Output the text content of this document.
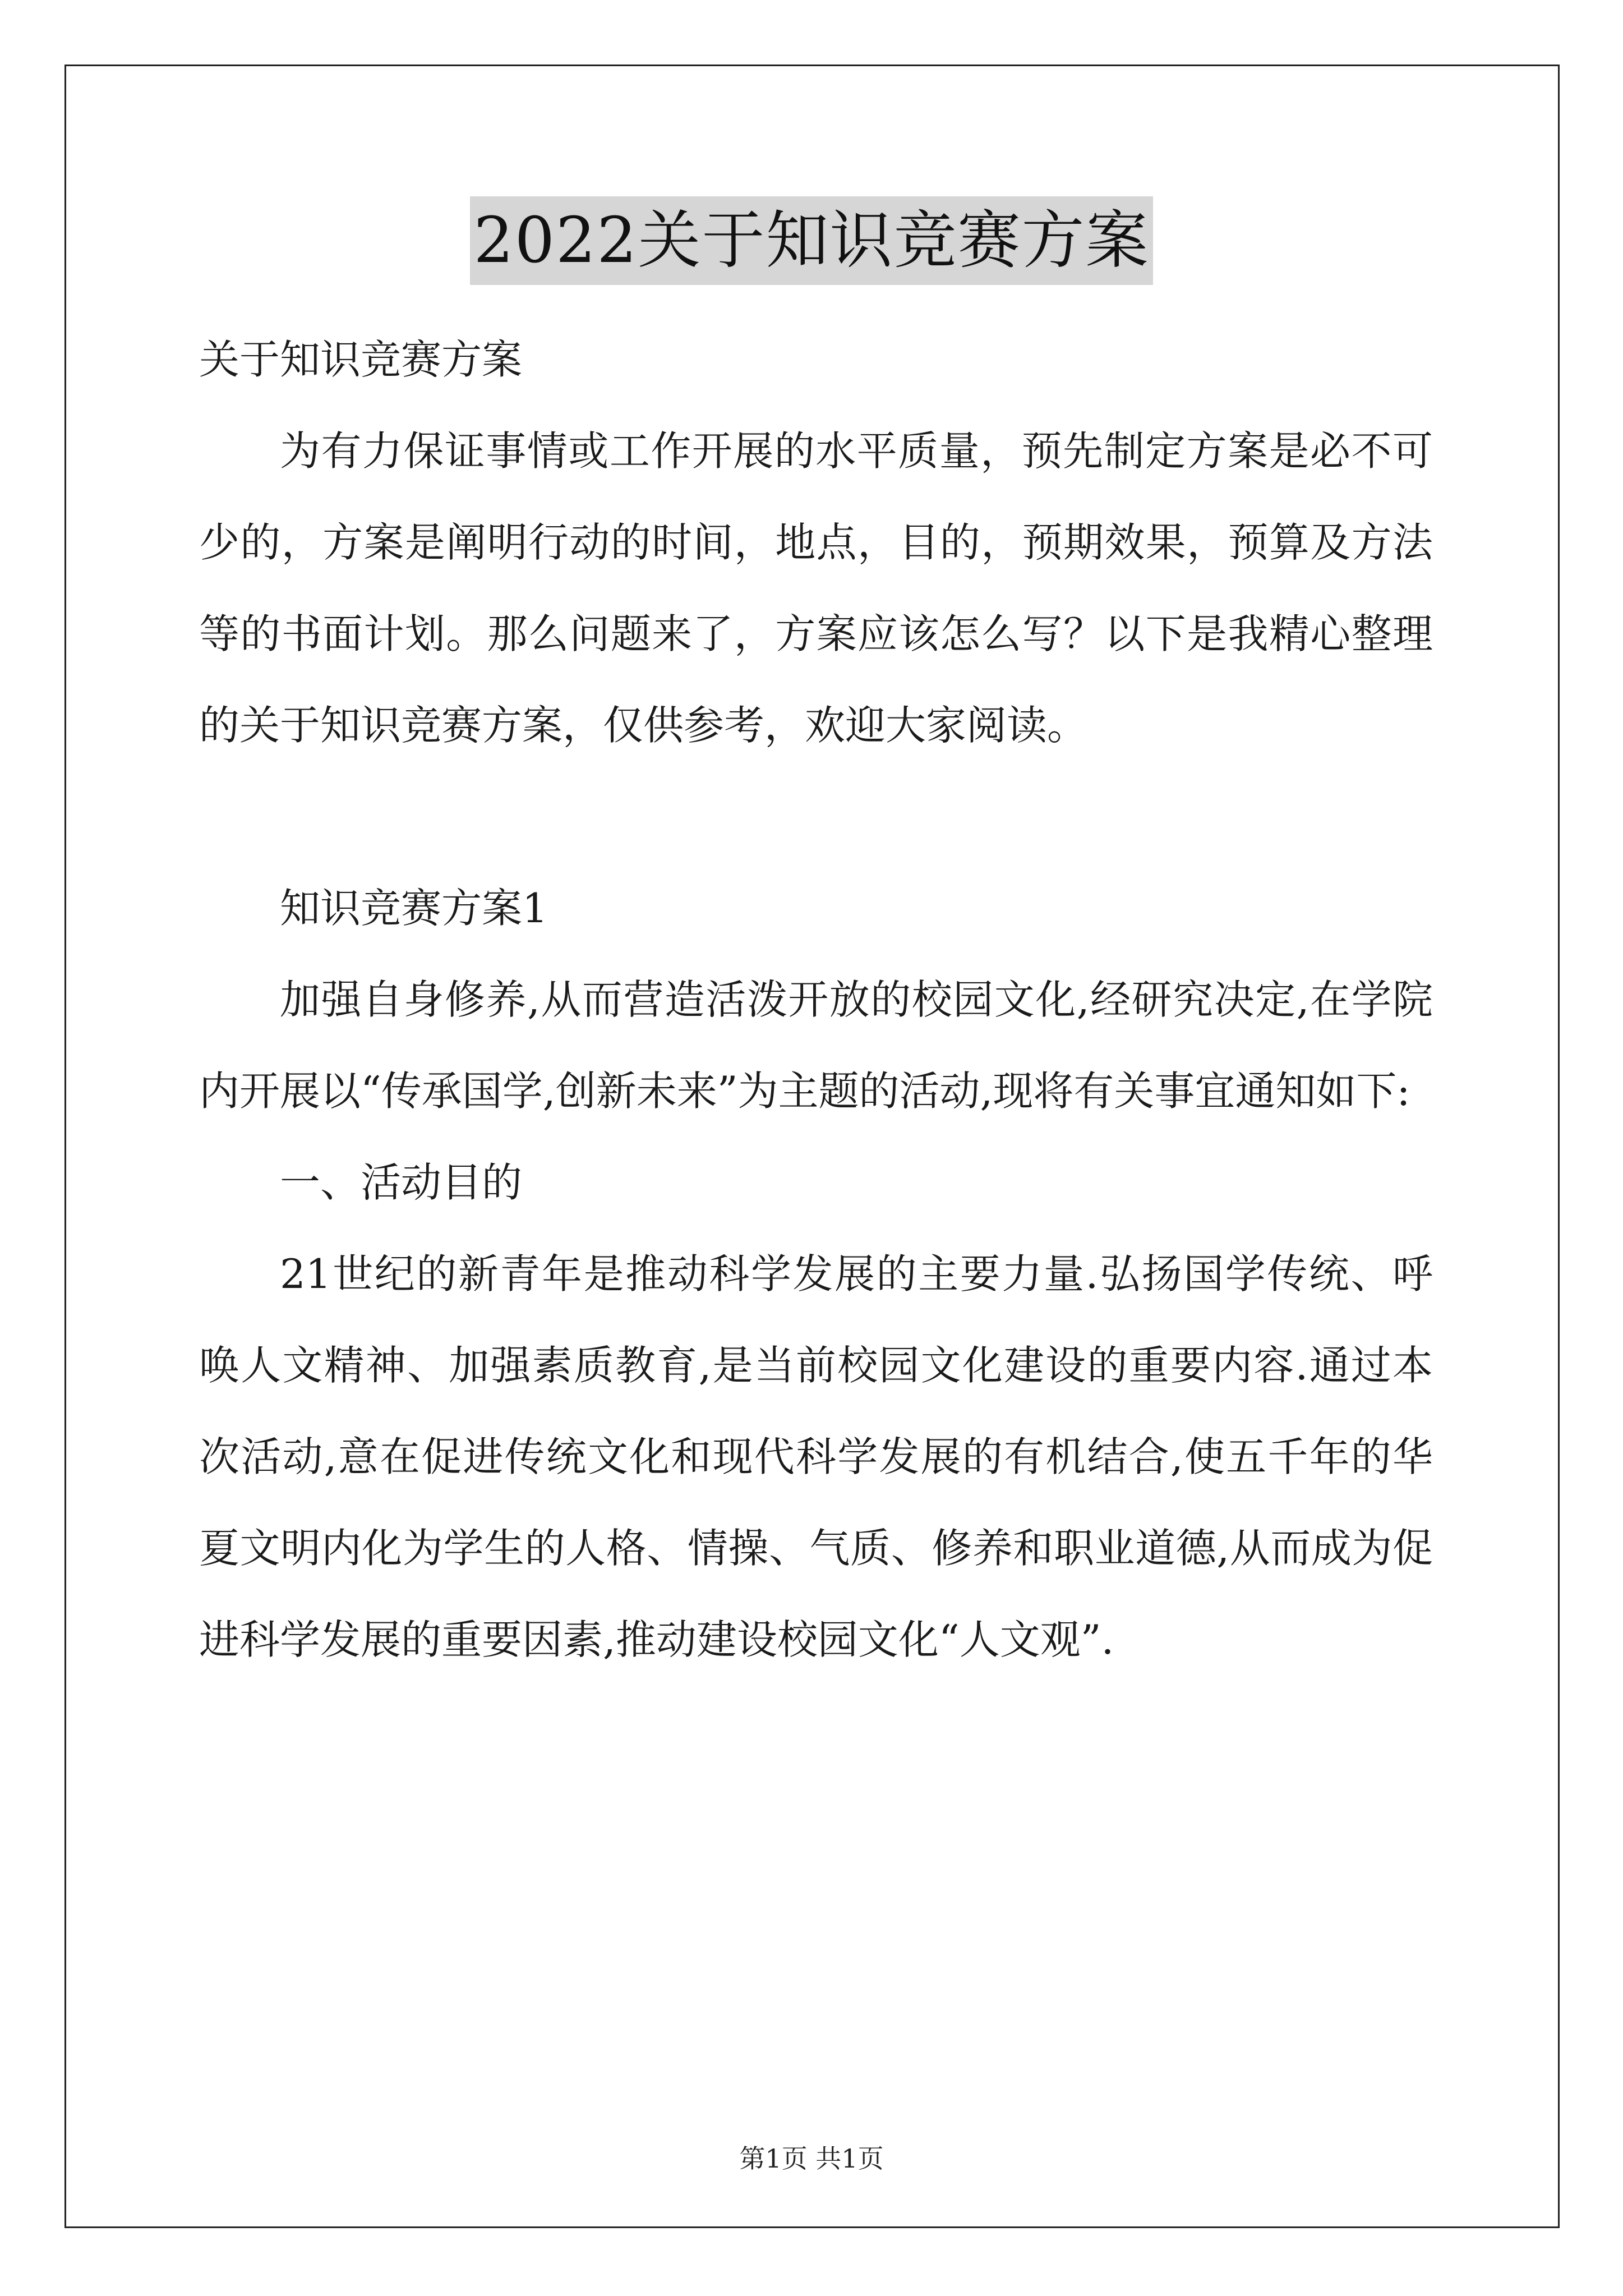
2022关于知识竞赛方案

关于知识竞赛方案

为有力保证事情或工作开展的水平质量，预先制定方案是必不可少的，方案是阐明行动的时间，地点，目的，预期效果，预算及方法等的书面计划。那么问题来了，方案应该怎么写？以下是我精心整理的关于知识竞赛方案，仅供参考，欢迎大家阅读。

知识竞赛方案1

加强自身修养,从而营造活泼开放的校园文化,经研究决定,在学院内开展以“传承国学,创新未来”为主题的活动,现将有关事宜通知如下:

一、活动目的

21世纪的新青年是推动科学发展的主要力量.弘扬国学传统、呼唤人文精神、加强素质教育,是当前校园文化建设的重要内容.通过本次活动,意在促进传统文化和现代科学发展的有机结合,使五千年的华夏文明内化为学生的人格、情操、气质、修养和职业道德,从而成为促进科学发展的重要因素,推动建设校园文化“人文观”.

第1页 共1页
